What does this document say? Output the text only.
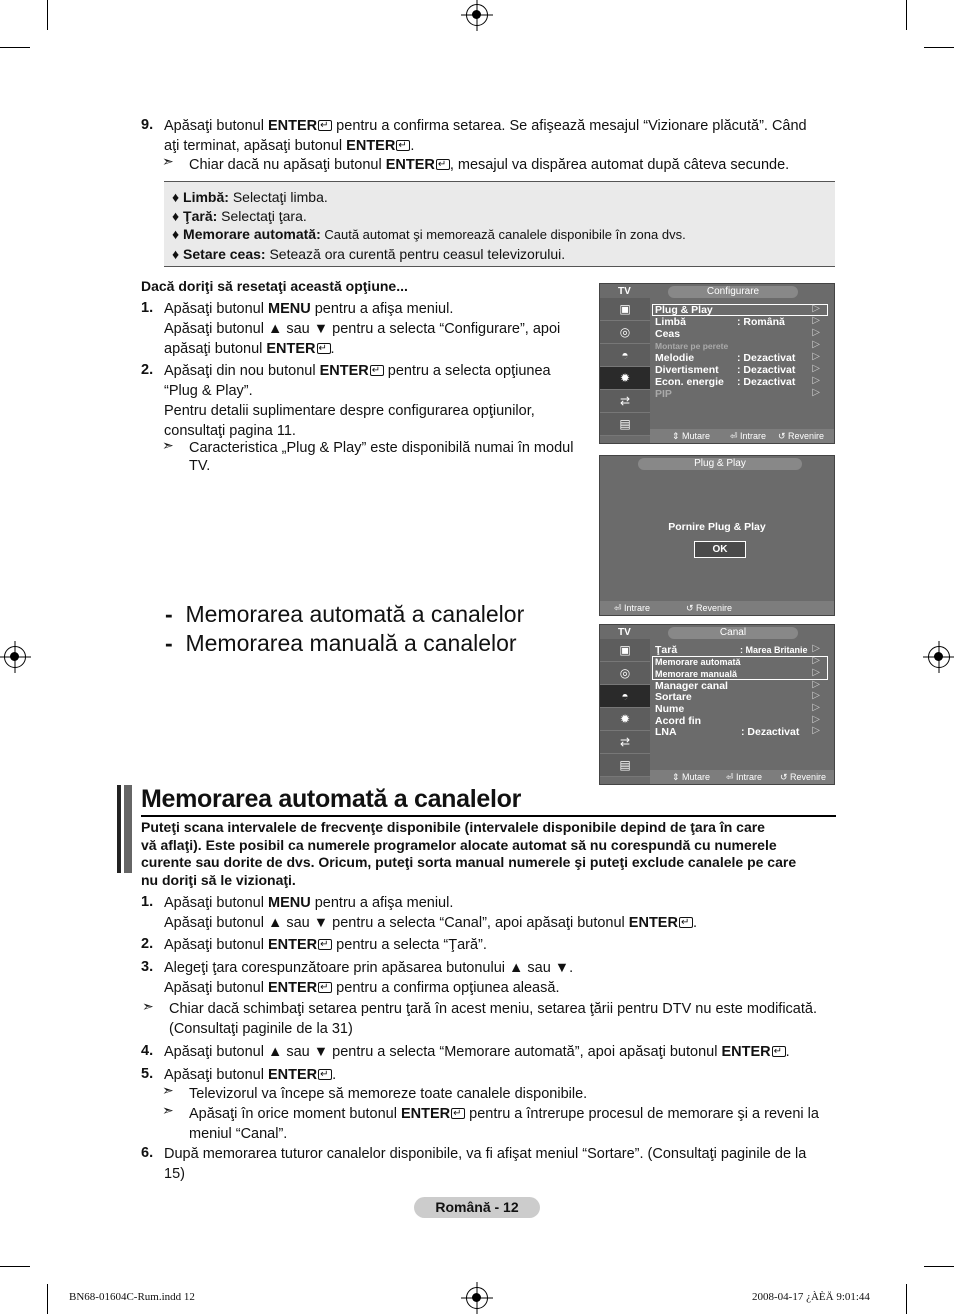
9. Apăsaţi butonul ENTER↵ pentru a confirma setarea. Se afişează mesajul “Vizionare plăcută”. Când
aţi terminat, apăsaţi butonul ENTER ↵ .
➣ Chiar dacă nu apăsaţi butonul ENTER ↵ , mesajul va dispărea automat după câteva secunde.
♦ Limbă: Selectaţi limba.
♦ Ţară: Selectaţi ţara.
♦ Memorare automată: Caută automat şi memorează canalele disponibile în zona dvs.
♦ Setare ceas: Setează ora curentă pentru ceasul televizorului.
Dacă doriţi să resetaţi această opţiune...
1. Apăsaţi butonul MENU pentru a afişa meniul.
Apăsaţi butonul ▲ sau ▼ pentru a selecta “Configurare”, apoi
apăsaţi butonul ENTER ↵ .
2. Apăsaţi din nou butonul ENTER↵ pentru a selecta opţiunea
“Plug & Play”.
Pentru detalii suplimentare despre configurarea opţiunilor,
consultaţi pagina 11.
➣ Caracteristica „Plug & Play” este disponibilă numai în modul
TV.
- Memorarea automată a canalelor
- Memorarea manuală a canalelor
TV	Configurare
▣
◎
◓
✹
⇄
▤
Plug & Play
Limbă	: Română
Ceas
Montare pe perete
Melodie	: Dezactivat
Divertisment : Dezactivat
Econ. energie : Dezactivat
PIP
▷
▷
▷
▷
▷
▷
▷
▷
⇕ Mutare ⏎ Intrare ↺ Revenire
Plug & Play
Pornire Plug & Play
OK
⏎ Intrare	↺ Revenire
TV	Canal
▣
◎
◓
✹
⇄
▤
Ţară	: Marea Britanie
Memorare automată
Memorare manuală
Manager canal
Sortare
Nume
Acord fin
LNA	: Dezactivat
▷
▷
▷
▷
▷
▷
▷
▷
⇕ Mutare ⏎ Intrare ↺ Revenire
Memorarea automată a canalelor
Puteţi scana intervalele de frecvenţe disponibile (intervalele disponibile depind de ţara în care
vă aflaţi). Este posibil ca numerele programelor alocate automat să nu corespundă cu numerele
curente sau dorite de dvs. Oricum, puteţi sorta manual numerele şi puteţi exclude canalele pe care
nu doriţi să le vizionaţi.
1. Apăsaţi butonul MENU pentru a afişa meniul.
Apăsaţi butonul ▲ sau ▼ pentru a selecta “Canal”, apoi apăsaţi butonul ENTER ↵ .
2. Apăsaţi butonul ENTER↵ pentru a selecta “Ţară”.
3. Alegeţi ţara corespunzătoare prin apăsarea butonului ▲ sau ▼.
Apăsaţi butonul ENTER↵ pentru a confirma opţiunea aleasă.
➣ Chiar dacă schimbaţi setarea pentru ţară în acest meniu, setarea ţării pentru DTV nu este modificată.
(Consultaţi paginile de la 31)
4. Apăsaţi butonul ▲ sau ▼ pentru a selecta “Memorare automată”, apoi apăsaţi butonul ENTER ↵ .
5. Apăsaţi butonul ENTER ↵ .
➣ Televizorul va începe să memoreze toate canalele disponibile.
➣ Apăsaţi în orice moment butonul ENTER↵ pentru a întrerupe procesul de memorare şi a reveni la
meniul “Canal”.
6. După memorarea tuturor canalelor disponibile, va fi afişat meniul “Sortare”. (Consultaţi paginile de la
15)
Română - 12
BN68-01604C-Rum.indd 12	2008-04-17 ¿ÀÈÄ 9:01:44
